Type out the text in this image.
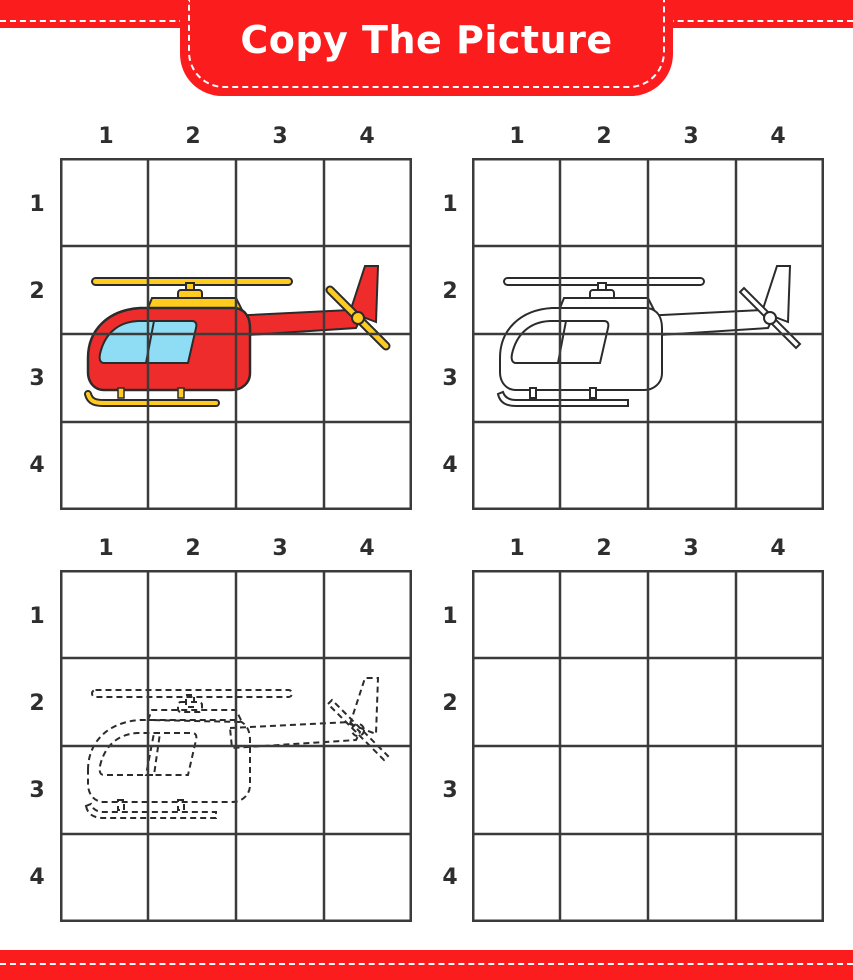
Copy The Picture
1	2	3	4
1
2
3
4
1	2	3	4
1
2
3
4
1	2	3	4
1
2
3
4
1	2	3	4
1
2
3
4
